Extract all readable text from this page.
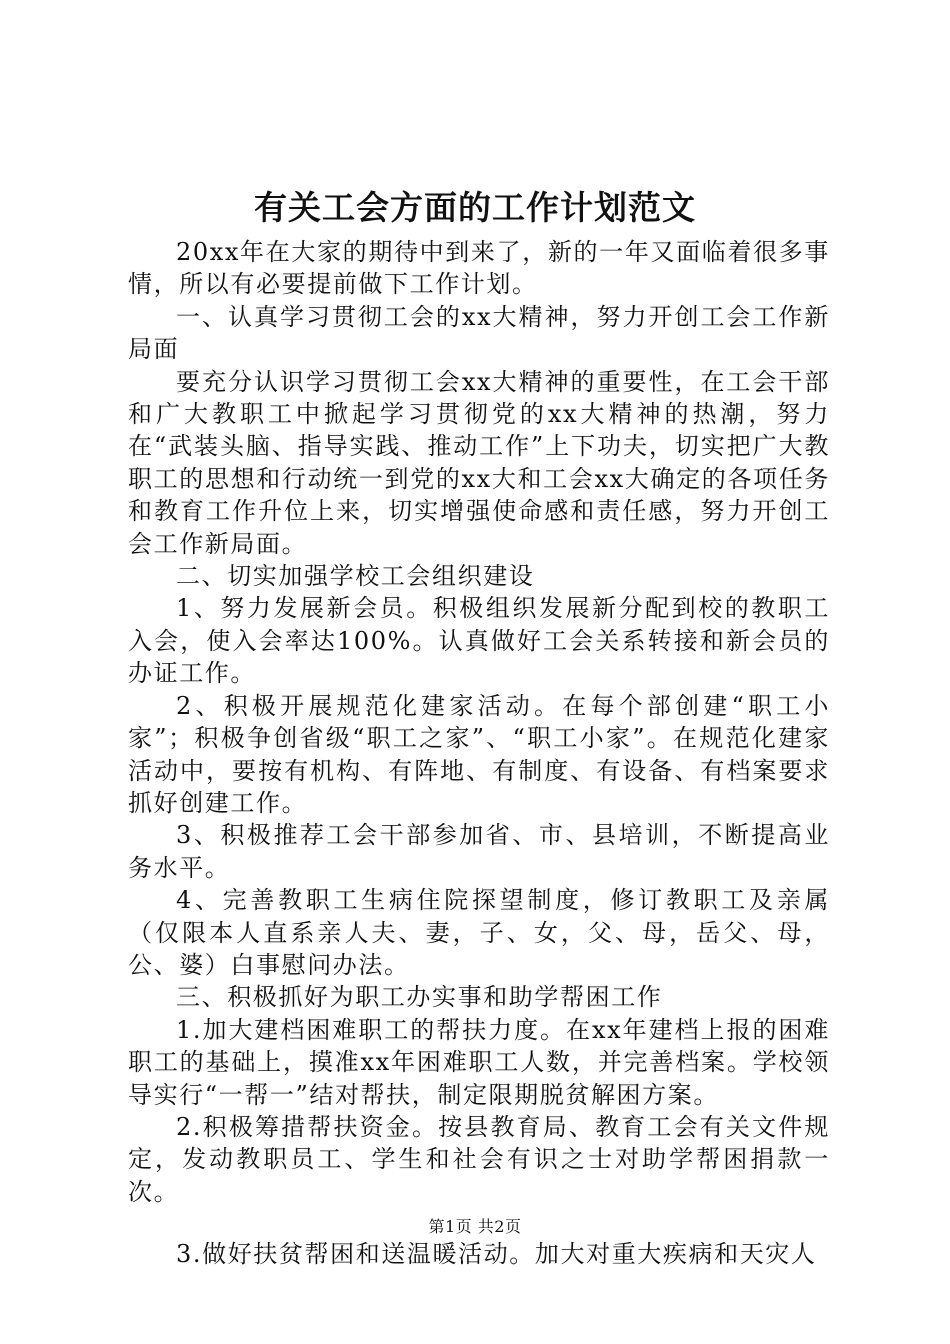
有关工会方面的工作计划范文

20xx年在大家的期待中到来了，新的一年又面临着很多事情，所以有必要提前做下工作计划。

一、认真学习贯彻工会的xx大精神，努力开创工会工作新局面

要充分认识学习贯彻工会xx大精神的重要性，在工会干部和广大教职工中掀起学习贯彻党的xx大精神的热潮，努力在“武装头脑、指导实践、推动工作”上下功夫，切实把广大教职工的思想和行动统一到党的xx大和工会xx大确定的各项任务和教育工作升位上来，切实增强使命感和责任感，努力开创工会工作新局面。

二、切实加强学校工会组织建设

1、努力发展新会员。积极组织发展新分配到校的教职工入会，使入会率达100%。认真做好工会关系转接和新会员的办证工作。

2、积极开展规范化建家活动。在每个部创建“职工小家”；积极争创省级“职工之家”、“职工小家”。在规范化建家活动中，要按有机构、有阵地、有制度、有设备、有档案要求抓好创建工作。

3、积极推荐工会干部参加省、市、县培训，不断提高业务水平。

4、完善教职工生病住院探望制度，修订教职工及亲属（仅限本人直系亲人夫、妻，子、女，父、母，岳父、母，公、婆）白事慰问办法。

三、积极抓好为职工办实事和助学帮困工作

1.加大建档困难职工的帮扶力度。在xx年建档上报的困难职工的基础上，摸准xx年困难职工人数，并完善档案。学校领导实行“一帮一”结对帮扶，制定限期脱贫解困方案。

2.积极筹措帮扶资金。按县教育局、教育工会有关文件规定，发动教职员工、学生和社会有识之士对助学帮困捐款一次。

3.做好扶贫帮困和送温暖活动。加大对重大疾病和天灾人

第1页 共2页
